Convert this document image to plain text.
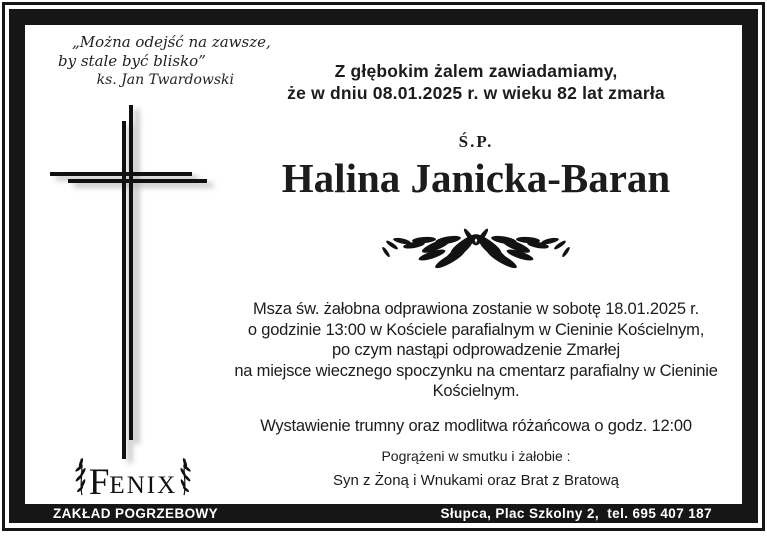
„Można odejść na zawsze,
by stale być blisko”
ks. Jan Twardowski	Z głębokim żalem zawiadamiamy,
że w dniu 08.01.2025 r. w wieku 82 lat zmarła
Ś.P.
Halina Janicka-Baran
Msza św. żałobna odprawiona zostanie w sobotę 18.01.2025 r.
o godzinie 13:00 w Kościele parafialnym w Cieninie Kościelnym,
po czym nastąpi odprowadzenie Zmarłej
na miejsce wiecznego spoczynku na cmentarz parafialny w Cieninie
Kościelnym.
Wystawienie trumny oraz modlitwa różańcowa o godz. 12:00
Pogrążeni w smutku i żałobie :
Syn z Żoną i Wnukami oraz Brat z Bratową
F ENIX
ZAKŁAD POGRZEBOWY	Słupca, Plac Szkolny 2,  tel. 695 407 187
